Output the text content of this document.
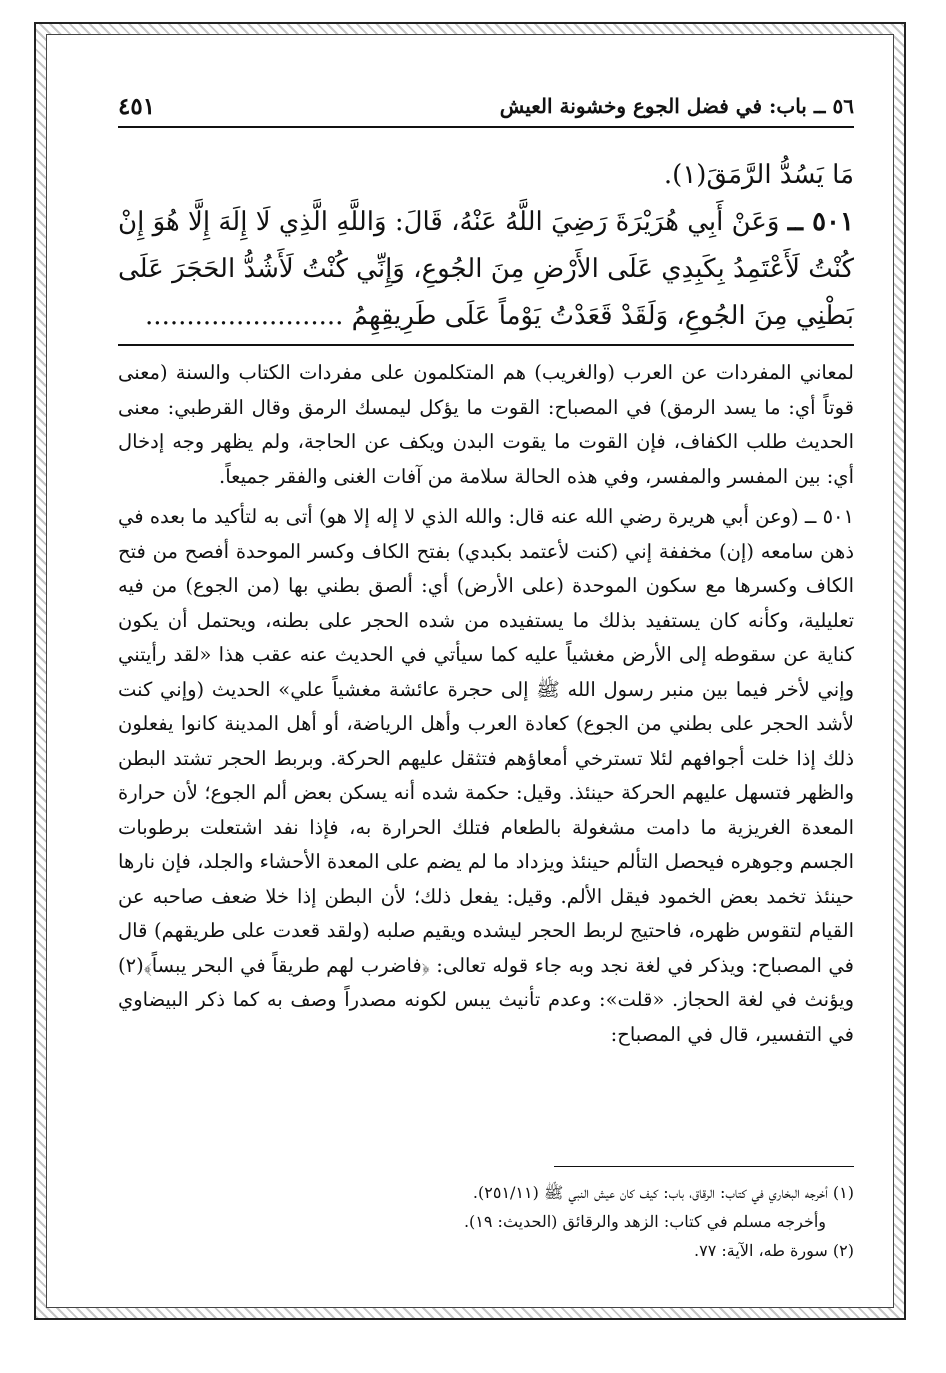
٥٦ ــ باب: في فضل الجوع وخشونة العيش
٤٥١

مَا يَسُدُّ الرَّمَقَ(١).

٥٠١ ــ وَعَنْ أَبِي هُرَيْرَةَ رَضِيَ اللَّهُ عَنْهُ، قَالَ: وَاللَّهِ الَّذِي لَا إِلَهَ إِلَّا هُوَ إِنْ كُنْتُ لَأَعْتَمِدُ بِكَبِدِي عَلَى الأَرْضِ مِنَ الجُوعِ، وَإِنِّي كُنْتُ لَأَشُدُّ الحَجَرَ عَلَى بَطْنِي مِنَ الجُوعِ، وَلَقَدْ قَعَدْتُ يَوْماً عَلَى طَرِيقِهِمُ ........................

لمعاني المفردات عن العرب (والغريب) هم المتكلمون على مفردات الكتاب والسنة (معنى قوتاً أي: ما يسد الرمق) في المصباح: القوت ما يؤكل ليمسك الرمق وقال القرطبي: معنى الحديث طلب الكفاف، فإن القوت ما يقوت البدن ويكف عن الحاجة، ولم يظهر وجه إدخال أي: بين المفسر والمفسر، وفي هذه الحالة سلامة من آفات الغنى والفقر جميعاً.

٥٠١ ــ (وعن أبي هريرة رضي الله عنه قال: والله الذي لا إله إلا هو) أتى به لتأكيد ما بعده في ذهن سامعه (إن) مخففة إني (كنت لأعتمد بكبدي) بفتح الكاف وكسر الموحدة أفصح من فتح الكاف وكسرها مع سكون الموحدة (على الأرض) أي: ألصق بطني بها (من الجوع) من فيه تعليلية، وكأنه كان يستفيد بذلك ما يستفيده من شده الحجر على بطنه، ويحتمل أن يكون كناية عن سقوطه إلى الأرض مغشياً عليه كما سيأتي في الحديث عنه عقب هذا «لقد رأيتني وإني لأخر فيما بين منبر رسول الله ﷺ إلى حجرة عائشة مغشياً علي» الحديث (وإني كنت لأشد الحجر على بطني من الجوع) كعادة العرب وأهل الرياضة، أو أهل المدينة كانوا يفعلون ذلك إذا خلت أجوافهم لئلا تسترخي أمعاؤهم فتثقل عليهم الحركة. وبربط الحجر تشتد البطن والظهر فتسهل عليهم الحركة حينئذ. وقيل: حكمة شده أنه يسكن بعض ألم الجوع؛ لأن حرارة المعدة الغريزية ما دامت مشغولة بالطعام فتلك الحرارة به، فإذا نفد اشتعلت برطوبات الجسم وجوهره فيحصل التألم حينئذ ويزداد ما لم يضم على المعدة الأحشاء والجلد، فإن نارها حينئذ تخمد بعض الخمود فيقل الألم. وقيل: يفعل ذلك؛ لأن البطن إذا خلا ضعف صاحبه عن القيام لتقوس ظهره، فاحتيج لربط الحجر ليشده ويقيم صلبه (ولقد قعدت على طريقهم) قال في المصباح: ويذكر في لغة نجد وبه جاء قوله تعالى: ﴿فاضرب لهم طريقاً في البحر يبساً﴾(٢) ويؤنث في لغة الحجاز. «قلت»: وعدم تأنيث يبس لكونه مصدراً وصف به كما ذكر البيضاوي في التفسير، قال في المصباح:

(١) أخرجه البخاري في كتاب: الرقاق، باب: كيف كان عيش النبي ﷺ (٢٥١/١١).

وأخرجه مسلم في كتاب: الزهد والرقائق (الحديث: ١٩).

(٢) سورة طه، الآية: ٧٧.
